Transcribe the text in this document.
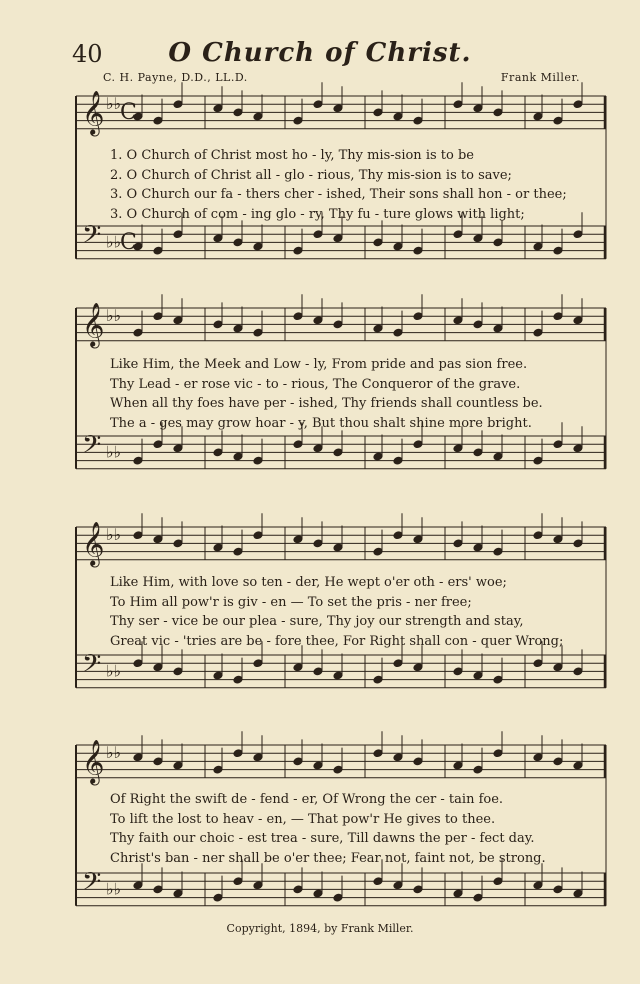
40	O Church of Christ.
C. H. Payne, D.D., LL.D.	Frank Miller.
𝄞 ♭♭
𝄢 ♭♭
𝄞 ♭♭
𝄢 ♭♭
𝄞 ♭♭
𝄢 ♭♭
𝄞 ♭♭
𝄢 ♭♭
C
C
1. O Church of Christ most ho - ly, Thy mis-sion is to be
2. O Church of Christ all - glo - rious, Thy mis-sion is to save;
3. O Church our fa - thers cher - ished, Their sons shall hon - or thee;
3. O Church of com - ing glo - ry, Thy fu - ture glows with light;
Like Him, the Meek and Low - ly, From pride and pas sion free.
Thy Lead - er rose vic - to - rious, The Conqueror of the grave.
When all thy foes have per - ished, Thy friends shall countless be.
The a - ges may grow hoar - y, But thou shalt shine more bright.
Like Him, with love so ten - der, He wept o'er oth - ers' woe;
To Him all pow'r is giv - en — To set the pris - ner free;
Thy ser - vice be our plea - sure, Thy joy our strength and stay,
Great vic - 'tries are be - fore thee, For Right shall con - quer Wrong;
Of Right the swift de - fend - er, Of Wrong the cer - tain foe.
To lift the lost to heav - en, — That pow'r He gives to thee.
Thy faith our choic - est trea - sure, Till dawns the per - fect day.
Christ's ban - ner shall be o'er thee; Fear not, faint not, be strong.
Copyright, 1894, by Frank Miller.
